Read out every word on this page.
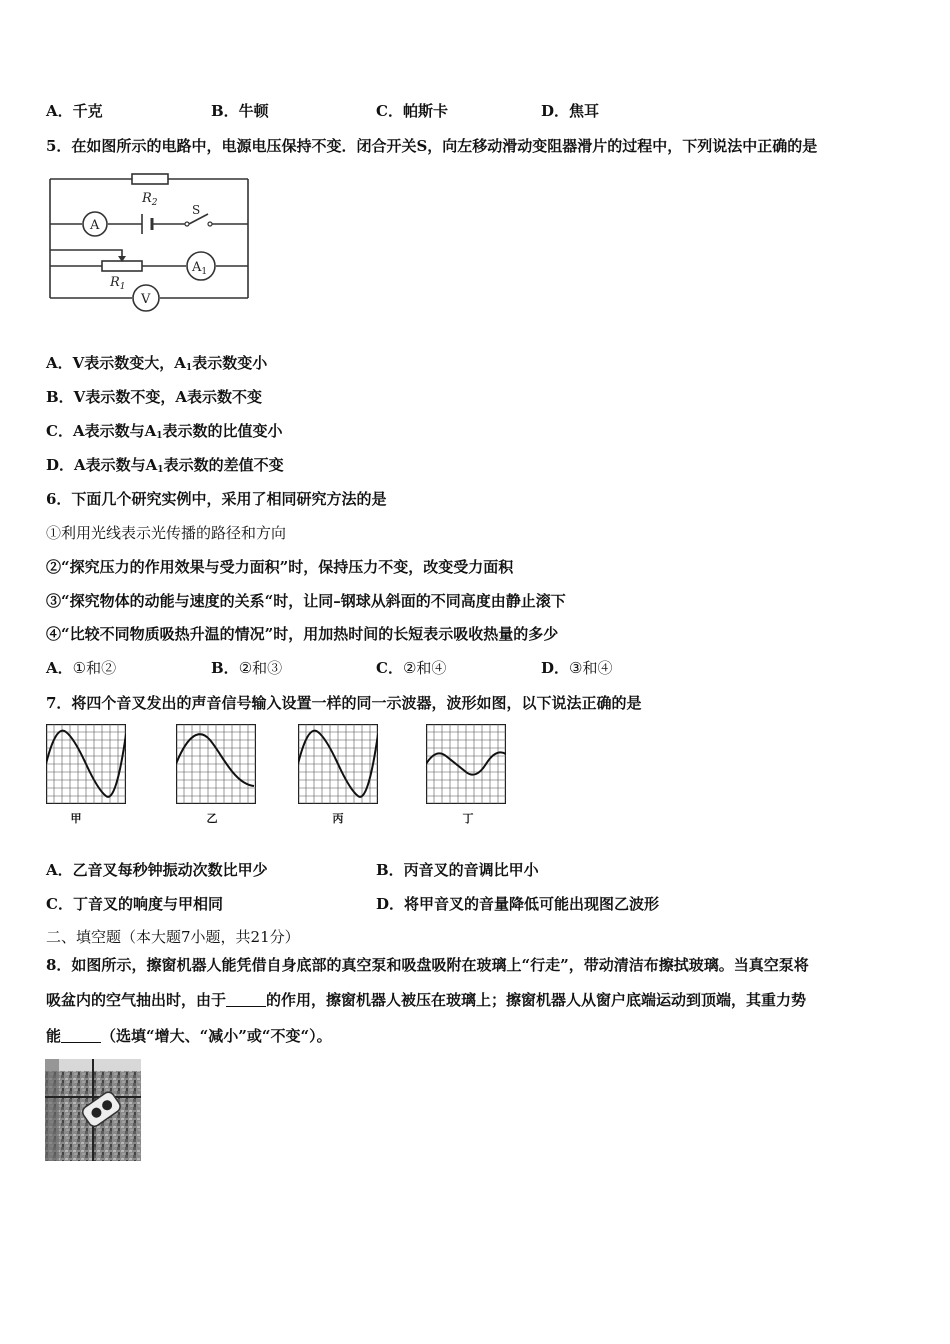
A．千克	B．牛顿	C．帕斯卡	D．焦耳
5．在如图所示的电路中，电源电压保持不变．闭合开关S，向左移动滑动变阻器滑片的过程中，下列说法中正确的是
$R_2$	S
A
$A_1$
$R_1$
V
A．V表示数变大，$A_1$表示数变小
B．V表示数不变，A表示数不变
C．A表示数与$A_1$表示数的比值变小
D．A表示数与$A_1$表示数的差值不变
6．下面几个研究实例中，采用了相同研究方法的是
①利用光线表示光传播的路径和方向
②“探究压力的作用效果与受力面积”时，保持压力不变，改变受力面积
③“探究物体的动能与速度的关系“时，让同–钢球从斜面的不同高度由静止滚下
④“比较不同物质吸热升温的情况”时，用加热时间的长短表示吸收热量的多少
A．①和②	B．②和③	C．②和④	D．③和④
7．将四个音叉发出的声音信号输入设置一样的同一示波器，波形如图，以下说法正确的是
甲	乙	丙	丁
A．乙音叉每秒钟振动次数比甲少	B．丙音叉的音调比甲小
C．丁音叉的响度与甲相同	D．将甲音叉的音量降低可能出现图乙波形
二、填空题（本大题7小题，共21分）
8．如图所示，擦窗机器人能凭借自身底部的真空泵和吸盘吸附在玻璃上“行走”，带动清洁布擦拭玻璃。当真空泵将
吸盆内的空气抽出时，由于	的作用，擦窗机器人被压在玻璃上；擦窗机器人从窗户底端运动到顶端，其重力势
能	（选填“增大、“减小”或“不变“）。
